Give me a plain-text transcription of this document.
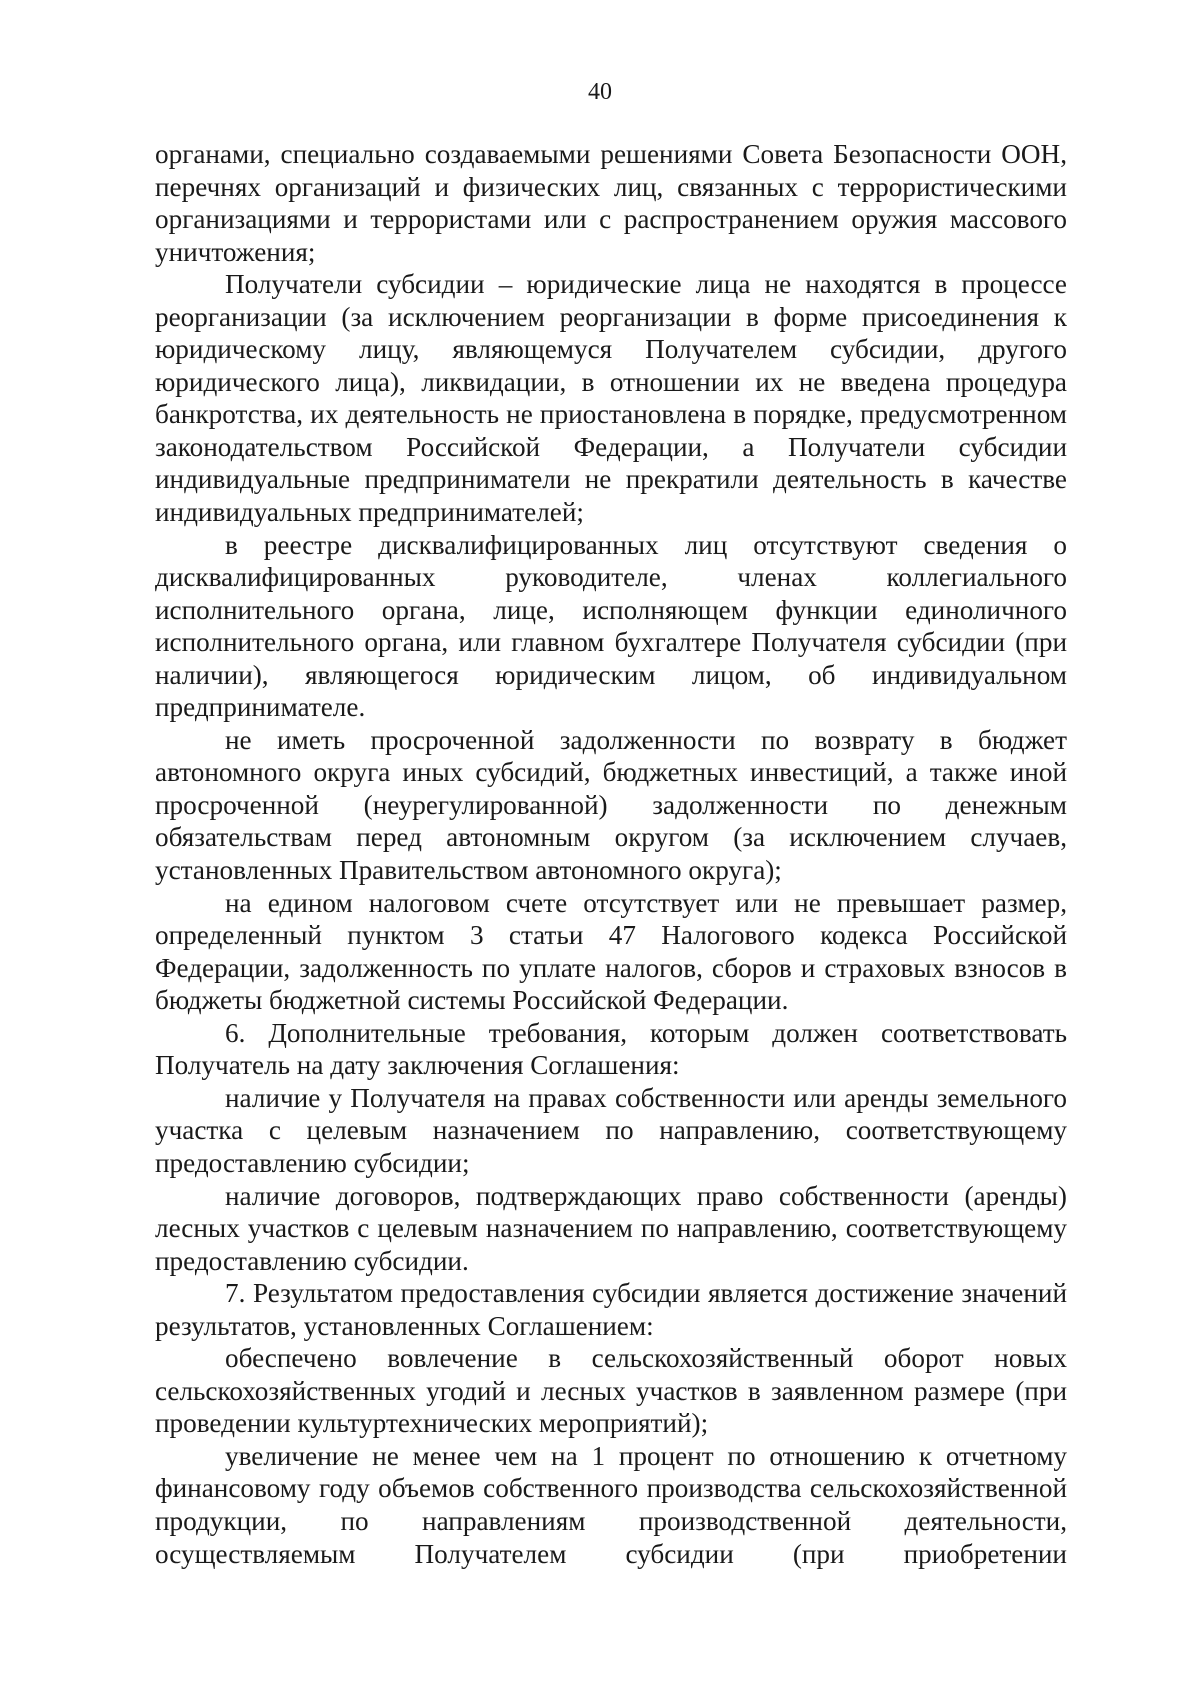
40

органами, специально создаваемыми решениями Совета Безопасности ООН, перечнях организаций и физических лиц, связанных с террористическими организациями и террористами или с распространением оружия массового уничтожения;

Получатели субсидии – юридические лица не находятся в процессе реорганизации (за исключением реорганизации в форме присоединения к юридическому лицу, являющемуся Получателем субсидии, другого юридического лица), ликвидации, в отношении их не введена процедура банкротства, их деятельность не приостановлена в порядке, предусмотренном законодательством Российской Федерации, а Получатели субсидии индивидуальные предприниматели не прекратили деятельность в качестве индивидуальных предпринимателей;

в реестре дисквалифицированных лиц отсутствуют сведения о дисквалифицированных руководителе, членах коллегиального исполнительного органа, лице, исполняющем функции единоличного исполнительного органа, или главном бухгалтере Получателя субсидии (при наличии), являющегося юридическим лицом, об индивидуальном предпринимателе.

не иметь просроченной задолженности по возврату в бюджет автономного округа иных субсидий, бюджетных инвестиций, а также иной просроченной (неурегулированной) задолженности по денежным обязательствам перед автономным округом (за исключением случаев, установленных Правительством автономного округа);

на едином налоговом счете отсутствует или не превышает размер, определенный пунктом 3 статьи 47 Налогового кодекса Российской Федерации, задолженность по уплате налогов, сборов и страховых взносов в бюджеты бюджетной системы Российской Федерации.

6. Дополнительные требования, которым должен соответствовать Получатель на дату заключения Соглашения:

наличие у Получателя на правах собственности или аренды земельного участка с целевым назначением по направлению, соответствующему предоставлению субсидии;

наличие договоров, подтверждающих право собственности (аренды) лесных участков с целевым назначением по направлению, соответствующему предоставлению субсидии.

7. Результатом предоставления субсидии является достижение значений результатов, установленных Соглашением:

обеспечено вовлечение в сельскохозяйственный оборот новых сельскохозяйственных угодий и лесных участков в заявленном размере (при проведении культуртехнических мероприятий);

увеличение не менее чем на 1 процент по отношению к отчетному финансовому году объемов собственного производства сельскохозяйственной продукции, по направлениям производственной деятельности, осуществляемым Получателем субсидии (при приобретении
